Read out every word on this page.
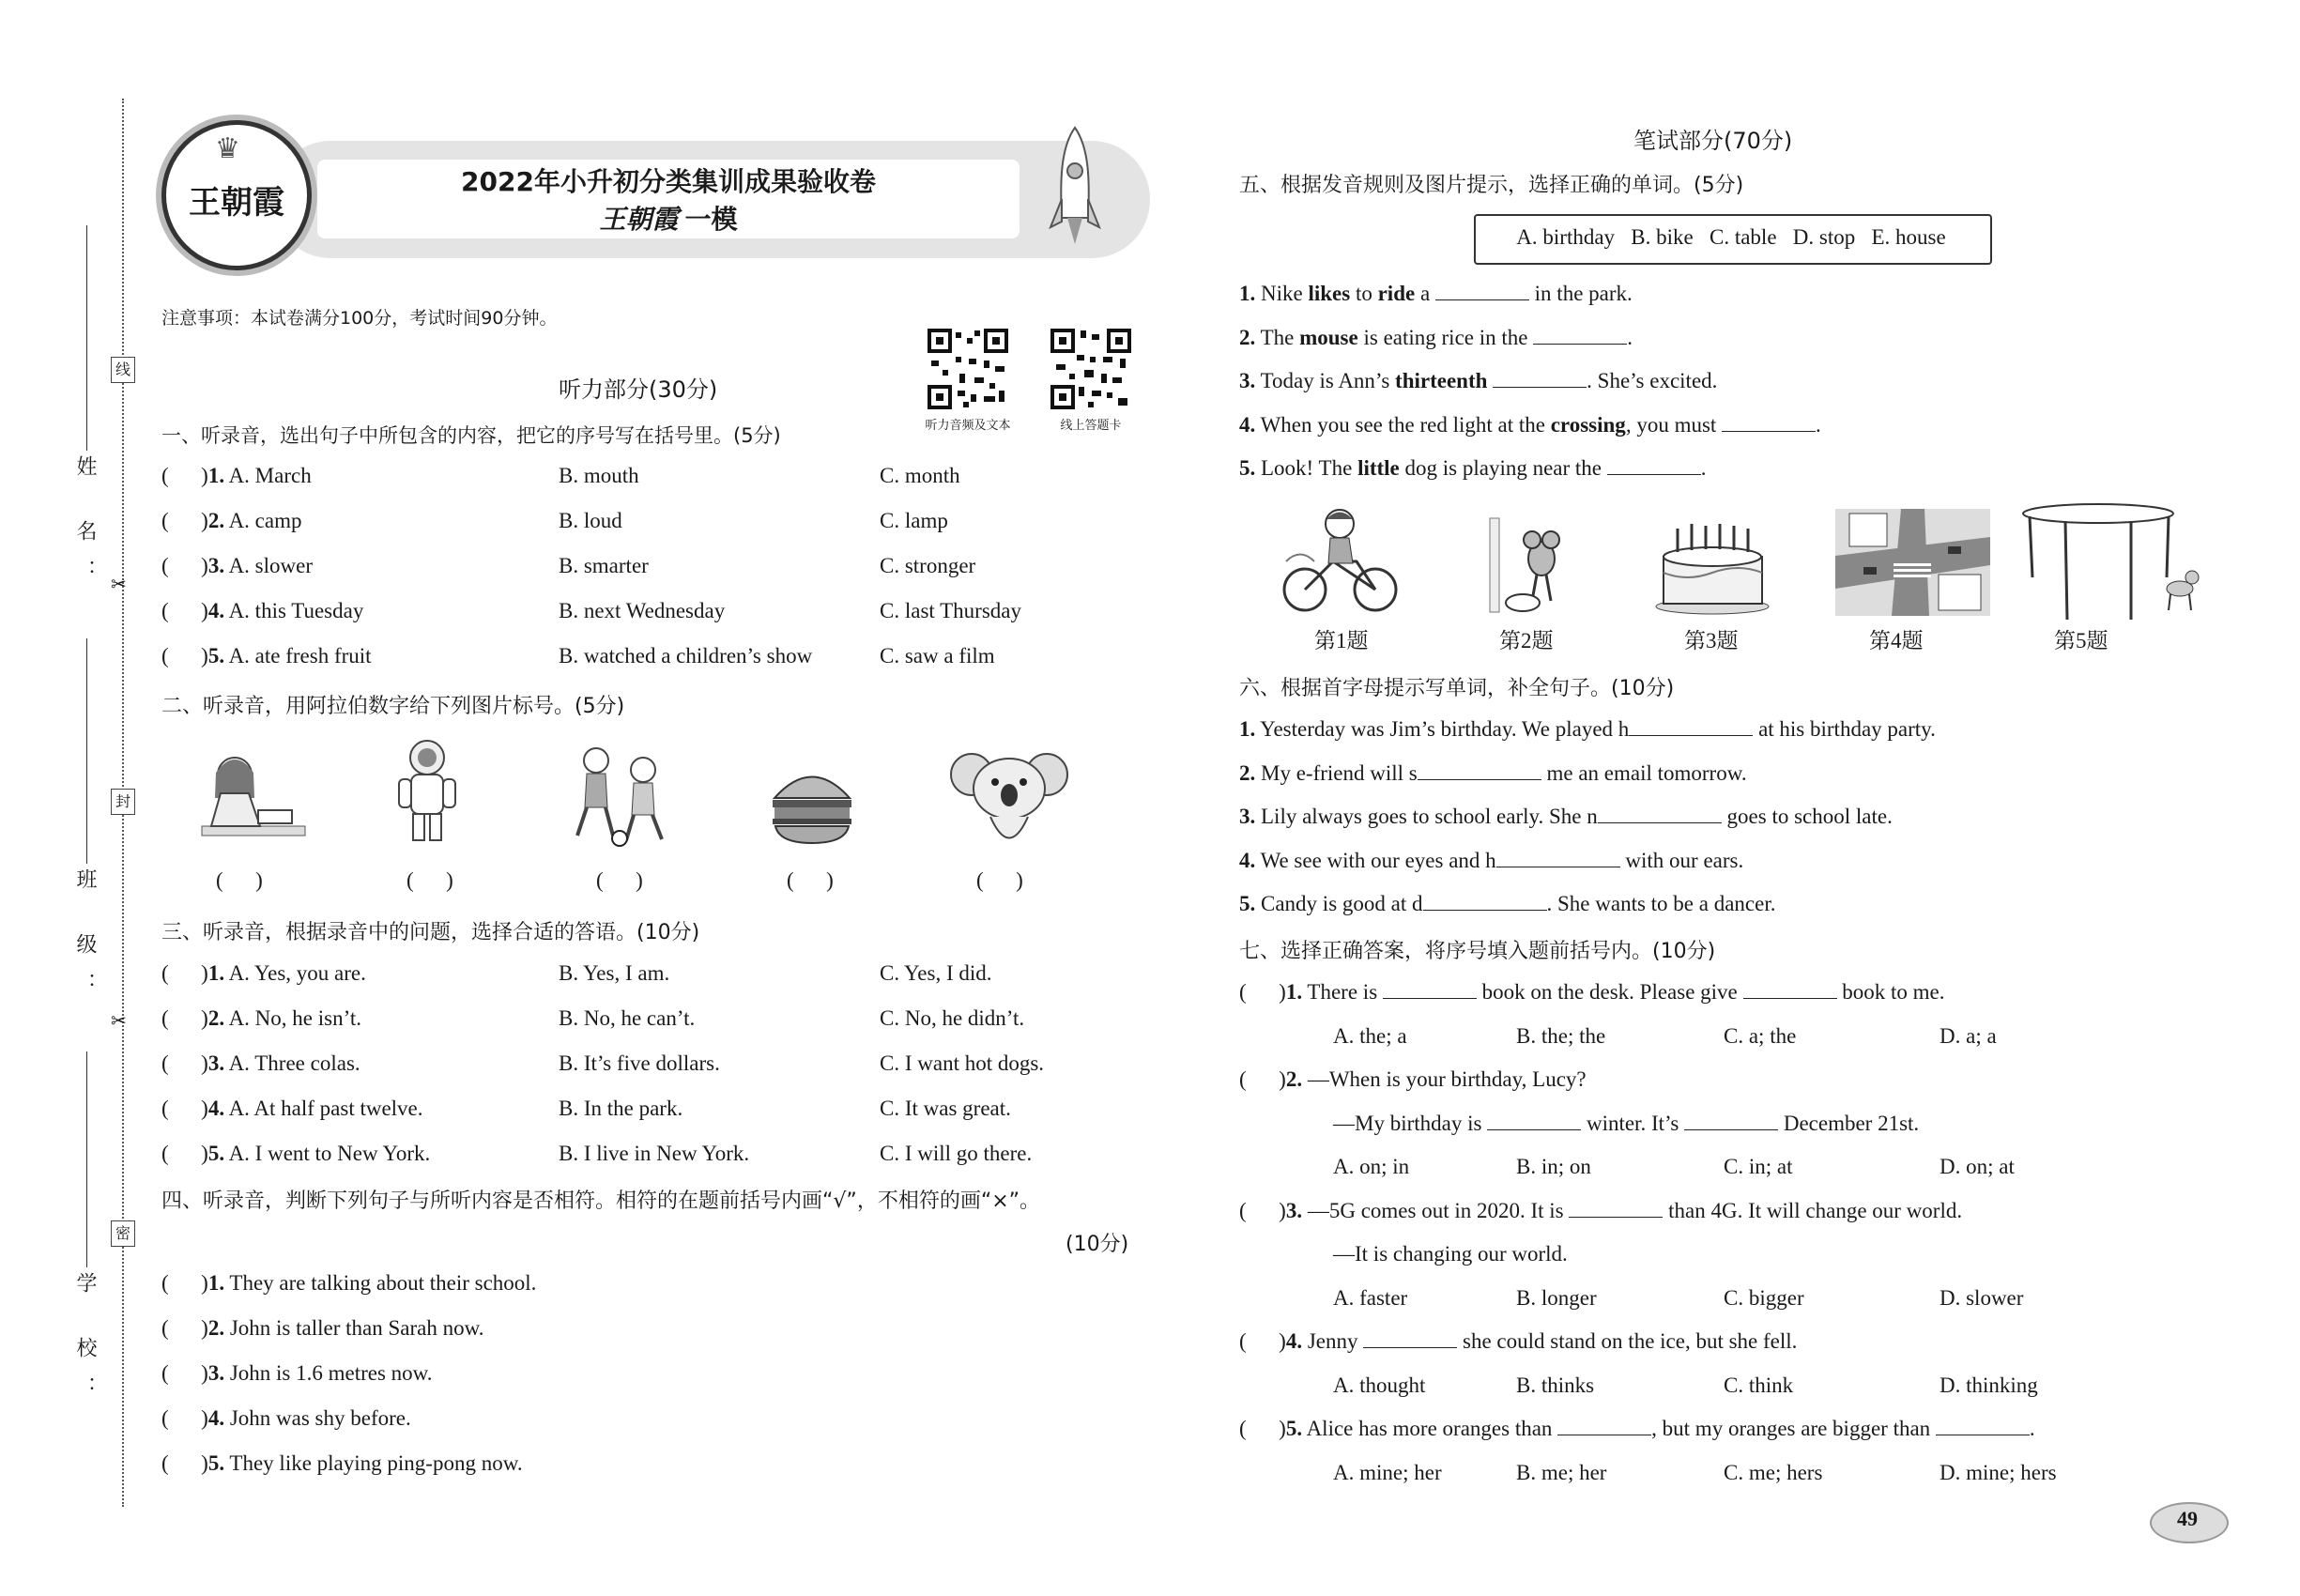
姓 名：
班 级：
学 校：
线
✂
封
✂
密
♛
王朝霞
2022年小升初分类集训成果验收卷
王朝霞 一模
注意事项：本试卷满分100分，考试时间90分钟。
听力音频及文本	线上答题卡
听力部分(30分)
一、听录音，选出句子中所包含的内容，把它的序号写在括号里。(5分)
(      )1. A. March	B. mouth	C. month
(      )2. A. camp	B. loud	C. lamp
(      )3. A. slower	B. smarter	C. stronger
(      )4. A. this Tuesday	B. next Wednesday	C. last Thursday
(      )5. A. ate fresh fruit	B. watched a children’s show	C. saw a film
二、听录音，用阿拉伯数字给下列图片标号。(5分)
(      )	(      )	(      )	(      )	(      )
三、听录音，根据录音中的问题，选择合适的答语。(10分)
(      )1. A. Yes, you are.	B. Yes, I am.	C. Yes, I did.
(      )2. A. No, he isn’t.	B. No, he can’t.	C. No, he didn’t.
(      )3. A. Three colas.	B. It’s five dollars.	C. I want hot dogs.
(      )4. A. At half past twelve.	B. In the park.	C. It was great.
(      )5. A. I went to New York.	B. I live in New York.	C. I will go there.
四、听录音，判断下列句子与所听内容是否相符。相符的在题前括号内画“√”，不相符的画“×”。
(10分)
(      )1. They are talking about their school.
(      )2. John is taller than Sarah now.
(      )3. John is 1.6 metres now.
(      )4. John was shy before.
(      )5. They like playing ping-pong now.
笔试部分(70分)
五、根据发音规则及图片提示，选择正确的单词。(5分)
A. birthday   B. bike   C. table   D. stop   E. house
1. Nike likes to ride a	in the park.
2. The mouse is eating rice in the	.
3. Today is Ann’s thirteenth	. She’s excited.
4. When you see the red light at the crossing, you must	.
5. Look! The little dog is playing near the	.
第1题	第2题	第3题	第4题	第5题
六、根据首字母提示写单词，补全句子。(10分)
1. Yesterday was Jim’s birthday. We played h	at his birthday party.
2. My e-friend will s	me an email tomorrow.
3. Lily always goes to school early. She n	goes to school late.
4. We see with our eyes and h	with our ears.
5. Candy is good at d	. She wants to be a dancer.
七、选择正确答案，将序号填入题前括号内。(10分)
(      )1. There is	book on the desk. Please give	book to me.
A. the; a	B. the; the	C. a; the	D. a; a
(      )2. —When is your birthday, Lucy?
—My birthday is	winter. It’s	December 21st.
A. on; in	B. in; on	C. in; at	D. on; at
(      )3. —5G comes out in 2020. It is	than 4G. It will change our world.
—It is changing our world.
A. faster	B. longer	C. bigger	D. slower
(      )4. Jenny	she could stand on the ice, but she fell.
A. thought	B. thinks	C. think	D. thinking
(      )5. Alice has more oranges than	, but my oranges are bigger than	.
A. mine; her	B. me; her	C. me; hers	D. mine; hers
49
